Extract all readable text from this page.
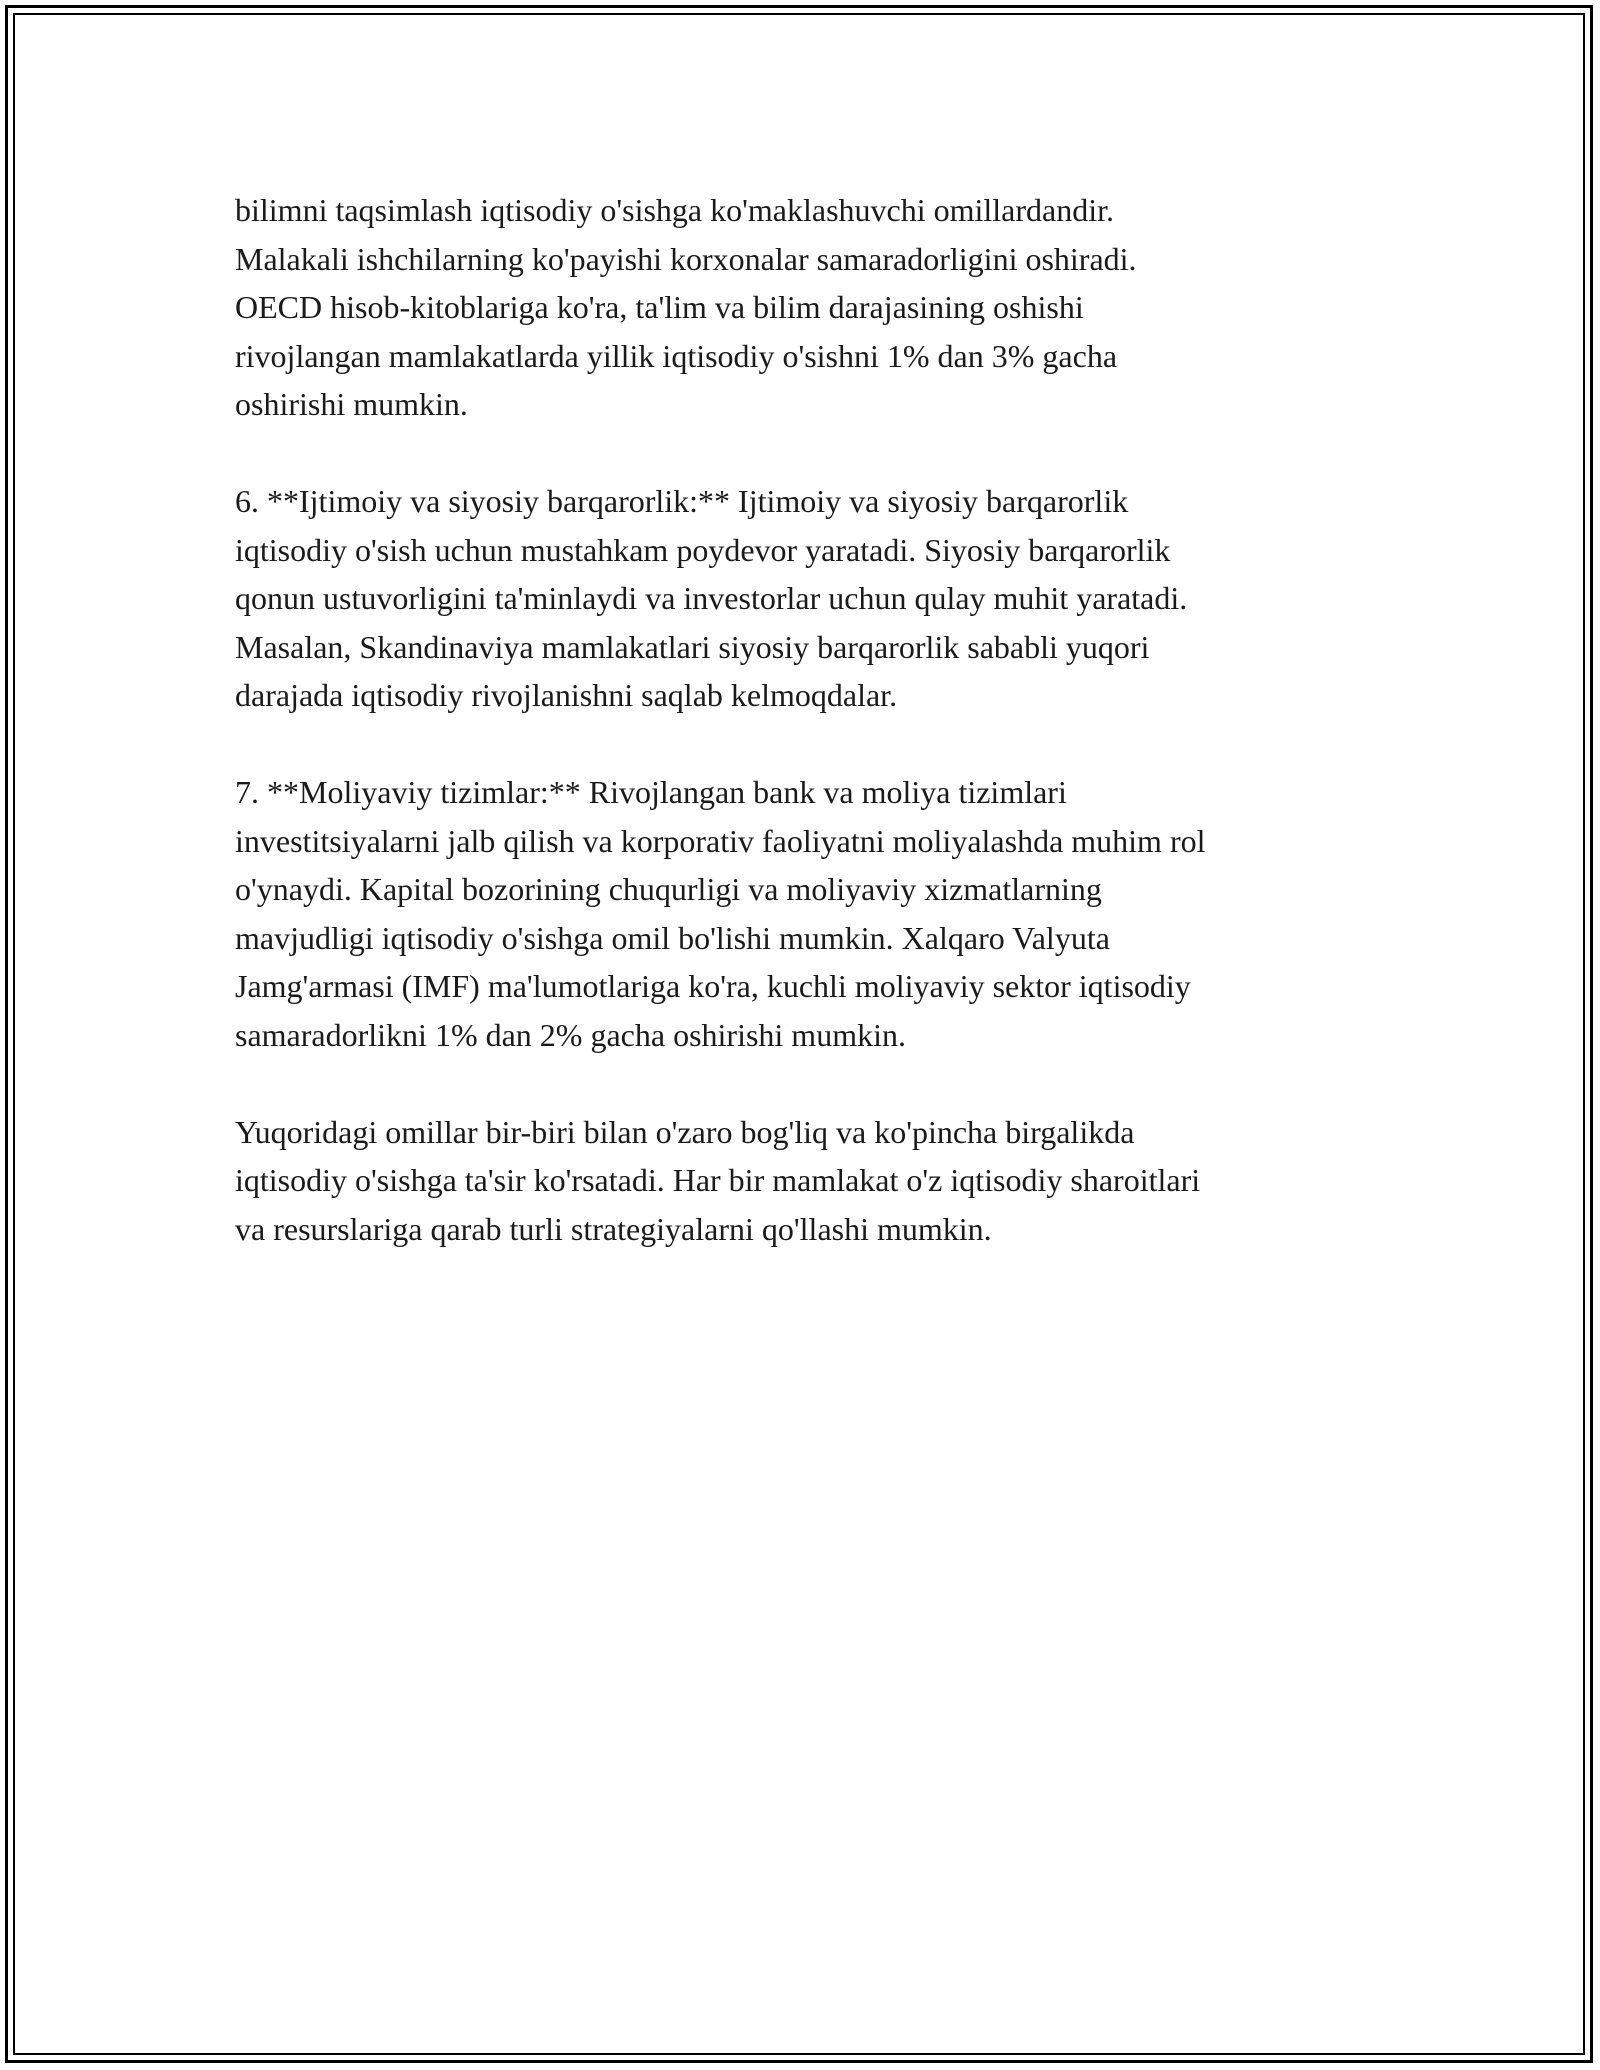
bilimni taqsimlash iqtisodiy o'sishga ko'maklashuvchi omillardandir.
Malakali ishchilarning ko'payishi korxonalar samaradorligini oshiradi.
OECD hisob-kitoblariga ko'ra, ta'lim va bilim darajasining oshishi
rivojlangan mamlakatlarda yillik iqtisodiy o'sishni 1% dan 3% gacha
oshirishi mumkin.

6. **Ijtimoiy va siyosiy barqarorlik:** Ijtimoiy va siyosiy barqarorlik
iqtisodiy o'sish uchun mustahkam poydevor yaratadi. Siyosiy barqarorlik
qonun ustuvorligini ta'minlaydi va investorlar uchun qulay muhit yaratadi.
Masalan, Skandinaviya mamlakatlari siyosiy barqarorlik sababli yuqori
darajada iqtisodiy rivojlanishni saqlab kelmoqdalar.

7. **Moliyaviy tizimlar:** Rivojlangan bank va moliya tizimlari
investitsiyalarni jalb qilish va korporativ faoliyatni moliyalashda muhim rol
o'ynaydi. Kapital bozorining chuqurligi va moliyaviy xizmatlarning
mavjudligi iqtisodiy o'sishga omil bo'lishi mumkin. Xalqaro Valyuta
Jamg'armasi (IMF) ma'lumotlariga ko'ra, kuchli moliyaviy sektor iqtisodiy
samaradorlikni 1% dan 2% gacha oshirishi mumkin.

Yuqoridagi omillar bir-biri bilan o'zaro bog'liq va ko'pincha birgalikda
iqtisodiy o'sishga ta'sir ko'rsatadi. Har bir mamlakat o'z iqtisodiy sharoitlari
va resurslariga qarab turli strategiyalarni qo'llashi mumkin.
